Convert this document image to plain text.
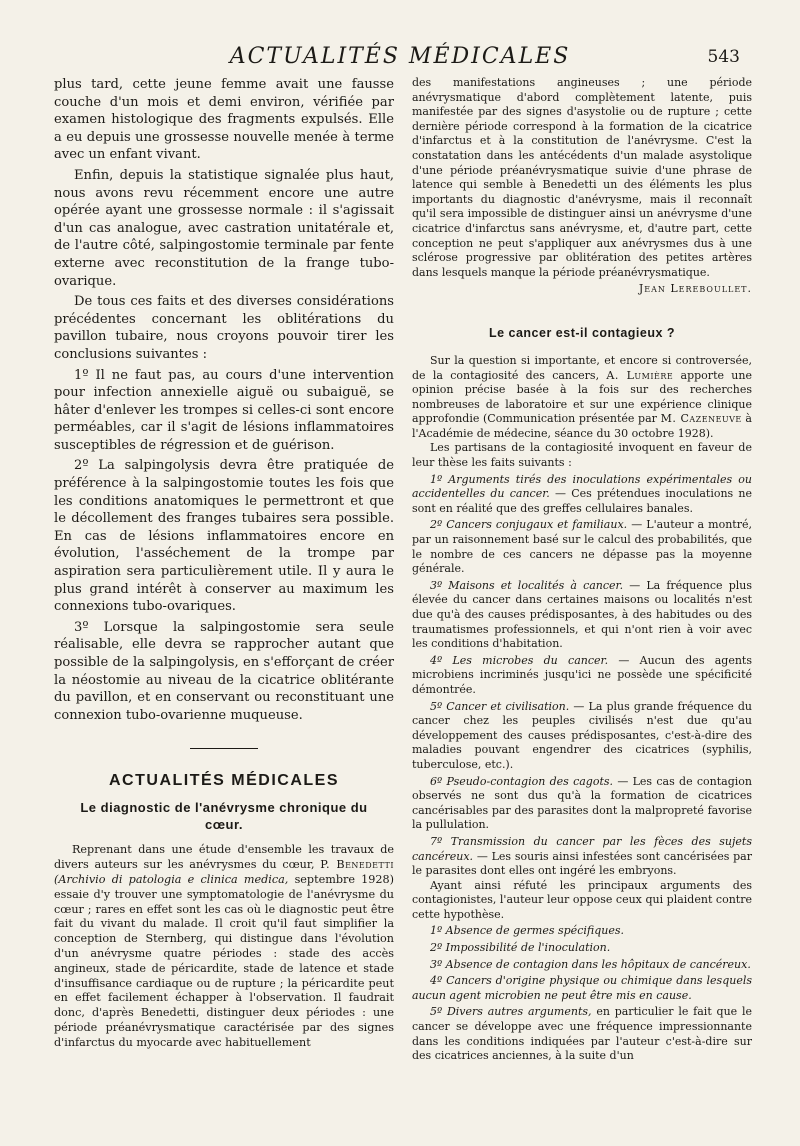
ACTUALITÉS MÉDICALES	543

plus tard, cette jeune femme avait une fausse couche d'un mois et demi environ, vérifiée par examen histologique des fragments expulsés. Elle a eu depuis une grossesse nouvelle menée à terme avec un enfant vivant.

Enfin, depuis la statistique signalée plus haut, nous avons revu récemment encore une autre opérée ayant une grossesse normale : il s'agissait d'un cas analogue, avec castration unitatérale et, de l'autre côté, salpingostomie terminale par fente externe avec reconstitution de la frange tubo-ovarique.

De tous ces faits et des diverses considérations précédentes concernant les oblitérations du pavillon tubaire, nous croyons pouvoir tirer les conclusions suivantes :

1º Il ne faut pas, au cours d'une intervention pour infection annexielle aiguë ou subaiguë, se hâter d'enlever les trompes si celles-ci sont encore perméables, car il s'agit de lésions inflammatoires susceptibles de régression et de guérison.

2º La salpingolysis devra être pratiquée de préférence à la salpingostomie toutes les fois que les conditions anatomiques le permettront et que le décollement des franges tubaires sera possible. En cas de lésions inflammatoires encore en évolution, l'asséchement de la trompe par aspiration sera particulièrement utile. Il y aura le plus grand intérêt à conserver au maximum les connexions tubo-ovariques.

3º Lorsque la salpingostomie sera seule réalisable, elle devra se rapprocher autant que possible de la salpingolysis, en s'efforçant de créer la néostomie au niveau de la cicatrice oblitérante du pavillon, et en conservant ou reconstituant une connexion tubo-ovarienne muqueuse.

ACTUALITÉS MÉDICALES
Le diagnostic de l'anévrysme chronique du cœur.

Reprenant dans une étude d'ensemble les travaux de divers auteurs sur les anévrysmes du cœur, P. Benedetti (Archivio di patologia e clinica medica, septembre 1928) essaie d'y trouver une symptomatologie de l'anévrysme du cœur ; rares en effet sont les cas où le diagnostic peut être fait du vivant du malade. Il croit qu'il faut simplifier la conception de Sternberg, qui distingue dans l'évolution d'un anévrysme quatre périodes : stade des accès angineux, stade de péricardite, stade de latence et stade d'insuffisance cardiaque ou de rupture ; la péricardite peut en effet facilement échapper à l'observation. Il faudrait donc, d'après Benedetti, distinguer deux périodes : une période préanévrysmatique caractérisée par des signes d'infarctus du myocarde avec habituellement

des manifestations angineuses ; une période anévrysmatique d'abord complètement latente, puis manifestée par des signes d'asystolie ou de rupture ; cette dernière période correspond à la formation de la cicatrice d'infarctus et à la constitution de l'anévrysme. C'est la constatation dans les antécédents d'un malade asystolique d'une période préanévrysmatique suivie d'une phrase de latence qui semble à Benedetti un des éléments les plus importants du diagnostic d'anévrysme, mais il reconnaît qu'il sera impossible de distinguer ainsi un anévrysme d'une cicatrice d'infarctus sans anévrysme, et, d'autre part, cette conception ne peut s'appliquer aux anévrysmes dus à une sclérose progressive par oblitération des petites artères dans lesquels manque la période préanévrysmatique.

Jean Lereboullet.

Le cancer est-il contagieux ?

Sur la question si importante, et encore si controversée, de la contagiosité des cancers, A. Lumière apporte une opinion précise basée à la fois sur des recherches nombreuses de laboratoire et sur une expérience clinique approfondie (Communication présentée par M. Cazeneuve à l'Académie de médecine, séance du 30 octobre 1928).

Les partisans de la contagiosité invoquent en faveur de leur thèse les faits suivants :

1º Arguments tirés des inoculations expérimentales ou accidentelles du cancer. — Ces prétendues inoculations ne sont en réalité que des greffes cellulaires banales.

2º Cancers conjugaux et familiaux. — L'auteur a montré, par un raisonnement basé sur le calcul des probabilités, que le nombre de ces cancers ne dépasse pas la moyenne générale.

3º Maisons et localités à cancer. — La fréquence plus élevée du cancer dans certaines maisons ou localités n'est due qu'à des causes prédisposantes, à des habitudes ou des traumatismes professionnels, et qui n'ont rien à voir avec les conditions d'habitation.

4º Les microbes du cancer. — Aucun des agents microbiens incriminés jusqu'ici ne possède une spécificité démontrée.

5º Cancer et civilisation. — La plus grande fréquence du cancer chez les peuples civilisés n'est due qu'au développement des causes prédisposantes, c'est-à-dire des maladies pouvant engendrer des cicatrices (syphilis, tuberculose, etc.).

6º Pseudo-contagion des cagots. — Les cas de contagion observés ne sont dus qu'à la formation de cicatrices cancérisables par des parasites dont la malpropreté favorise la pullulation.

7º Transmission du cancer par les fèces des sujets cancéreux. — Les souris ainsi infestées sont cancérisées par le parasites dont elles ont ingéré les embryons.

Ayant ainsi réfuté les principaux arguments des contagionistes, l'auteur leur oppose ceux qui plaident contre cette hypothèse.

1º Absence de germes spécifiques.

2º Impossibilité de l'inoculation.

3º Absence de contagion dans les hôpitaux de cancéreux.

4º Cancers d'origine physique ou chimique dans lesquels aucun agent microbien ne peut être mis en cause.

5º Divers autres arguments, en particulier le fait que le cancer se développe avec une fréquence impressionnante dans les conditions indiquées par l'auteur c'est-à-dire sur des cicatrices anciennes, à la suite d'un
